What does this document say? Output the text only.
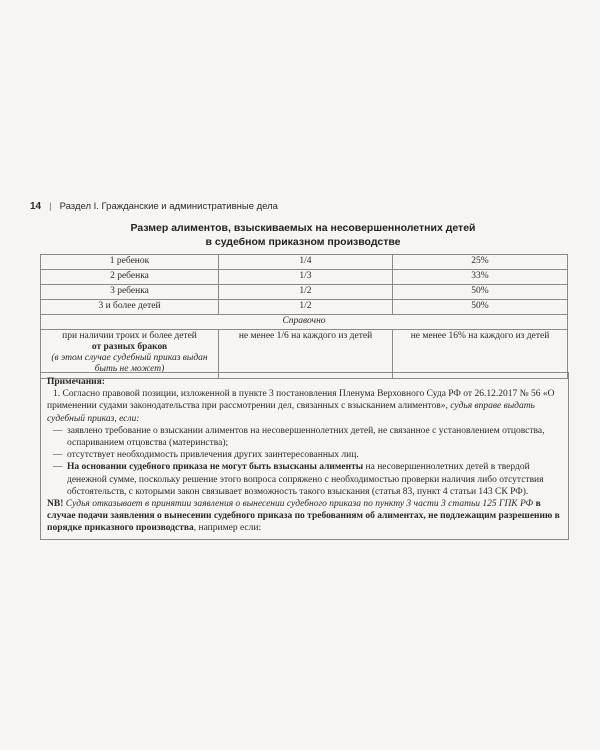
14 | Раздел I. Гражданские и административные дела
Размер алиментов, взыскиваемых на несовершеннолетних детей
в судебном приказном производстве
1 ребенок	1/4	25%
2 ребенка	1/3	33%
3 ребенка	1/2	50%
3 и более детей	1/2	50%
Справочно		

при наличии троих и более детей
от разных браков
(в этом случае судебный приказ выдан
быть не может)	не менее 1/6 на каждого из детей	не менее 16% на каждого из детей

Примечания:

1. Согласно правовой позиции, изложенной в пункте 3 постановления Пленума Верховного Суда РФ от 26.12.2017 № 56 «О применении судами законодательства при рассмотрении дел, связанных с взысканием алиментов», судья вправе выдать судебный приказ, если:

— заявлено требование о взыскании алиментов на несовершеннолетних детей, не связанное с установлением отцовства, оспариванием отцовства (материнства);
— отсутствует необходимость привлечения других заинтересованных лиц.
— На основании судебного приказа не могут быть взысканы алименты на несовершеннолетних детей в твердой денежной сумме, поскольку решение этого вопроса сопряжено с необходимостью проверки наличия либо отсутствия обстоятельств, с которыми закон связывает возможность такого взыскания (статья 83, пункт 4 статьи 143 СК РФ).

NB! Судья отказывает в принятии заявления о вынесении судебного приказа по пункту 3 части 3 статьи 125 ГПК РФ в случае подачи заявления о вынесении судебного приказа по требованиям об алиментах, не подлежащим разрешению в порядке приказного производства, например если:
